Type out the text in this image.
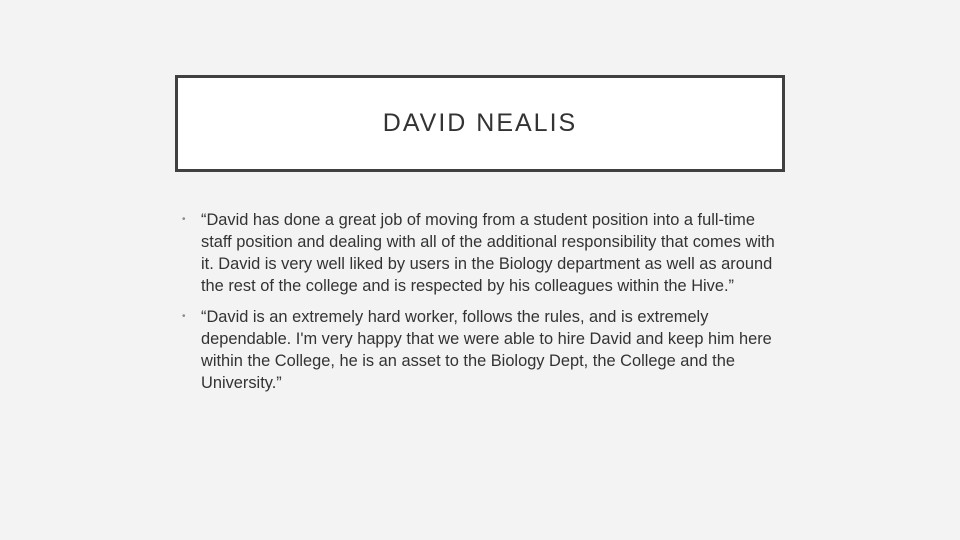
DAVID NEALIS
• “David has done a great job of moving from a student position into a full-time staff position and dealing with all of the additional responsibility that comes with it. David is very well liked by users in the Biology department as well as around the rest of the college and is respected by his colleagues within the Hive.”
• “David is an extremely hard worker, follows the rules, and is extremely dependable. I'm very happy that we were able to hire David and keep him here within the College, he is an asset to the Biology Dept, the College and the University.”
